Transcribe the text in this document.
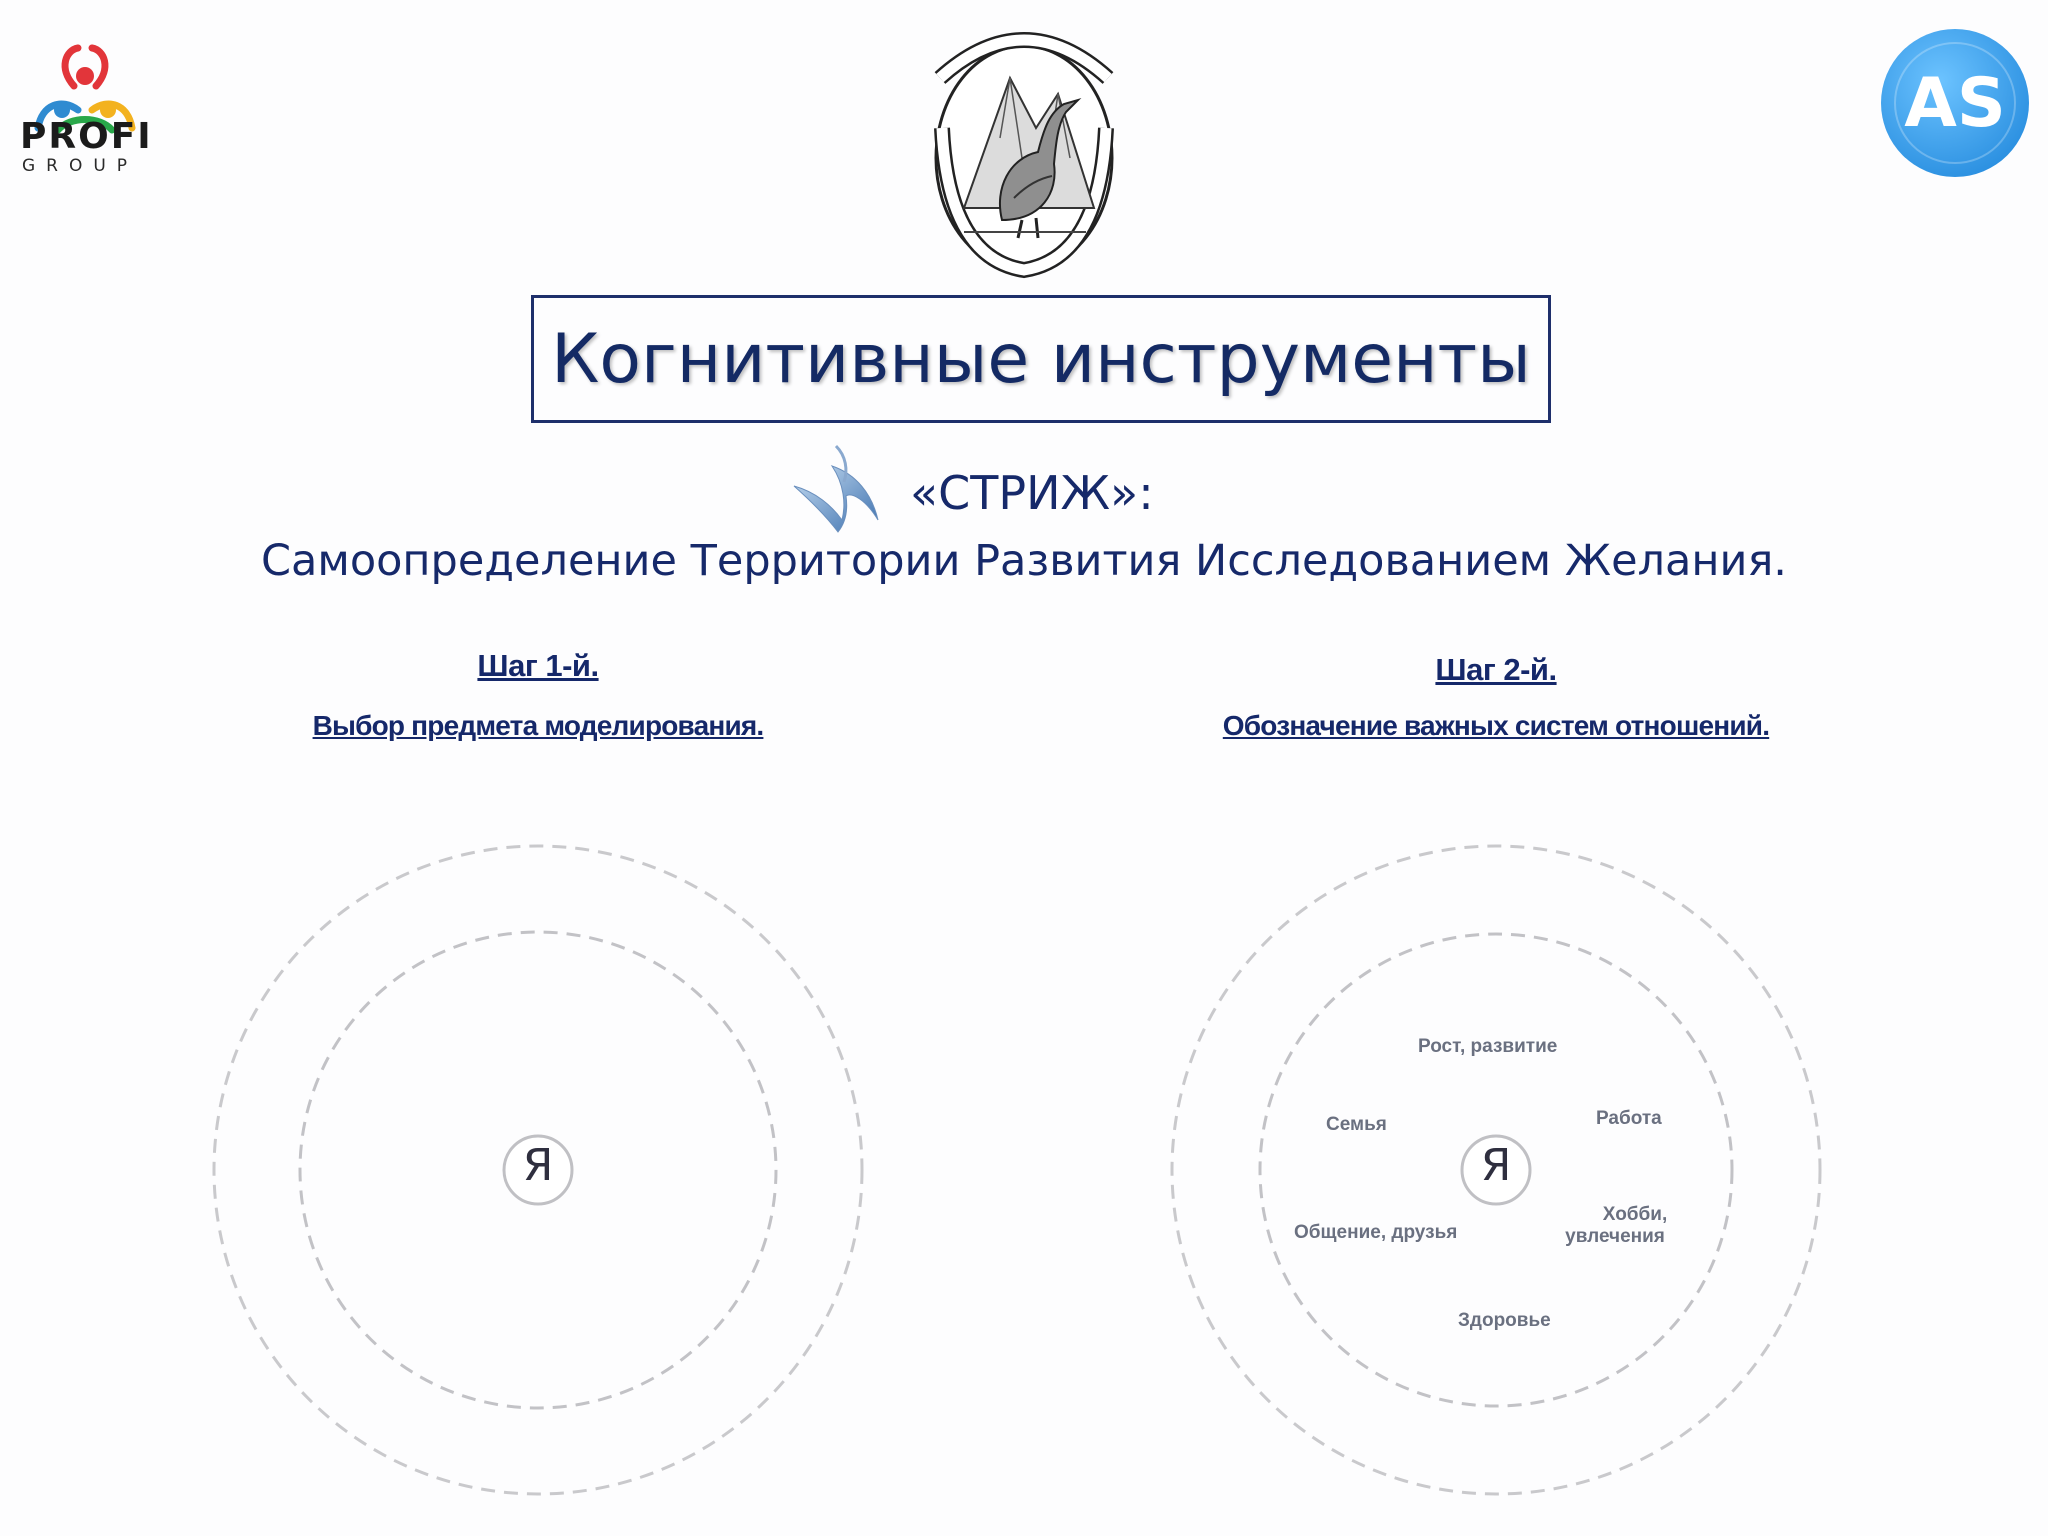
PROFI
GROUP
AS
Когнитивные инструменты
«СТРИЖ»:
Самоопределение Территории Развития Исследованием Желания.
Шаг 1-й.
Выбор предмета моделирования.
Шаг 2-й.
Обозначение важных систем отношений.
Я	Я
Рост, развитие
Работа
Хобби,
увлечения
Здоровье
Общение, друзья
Семья
